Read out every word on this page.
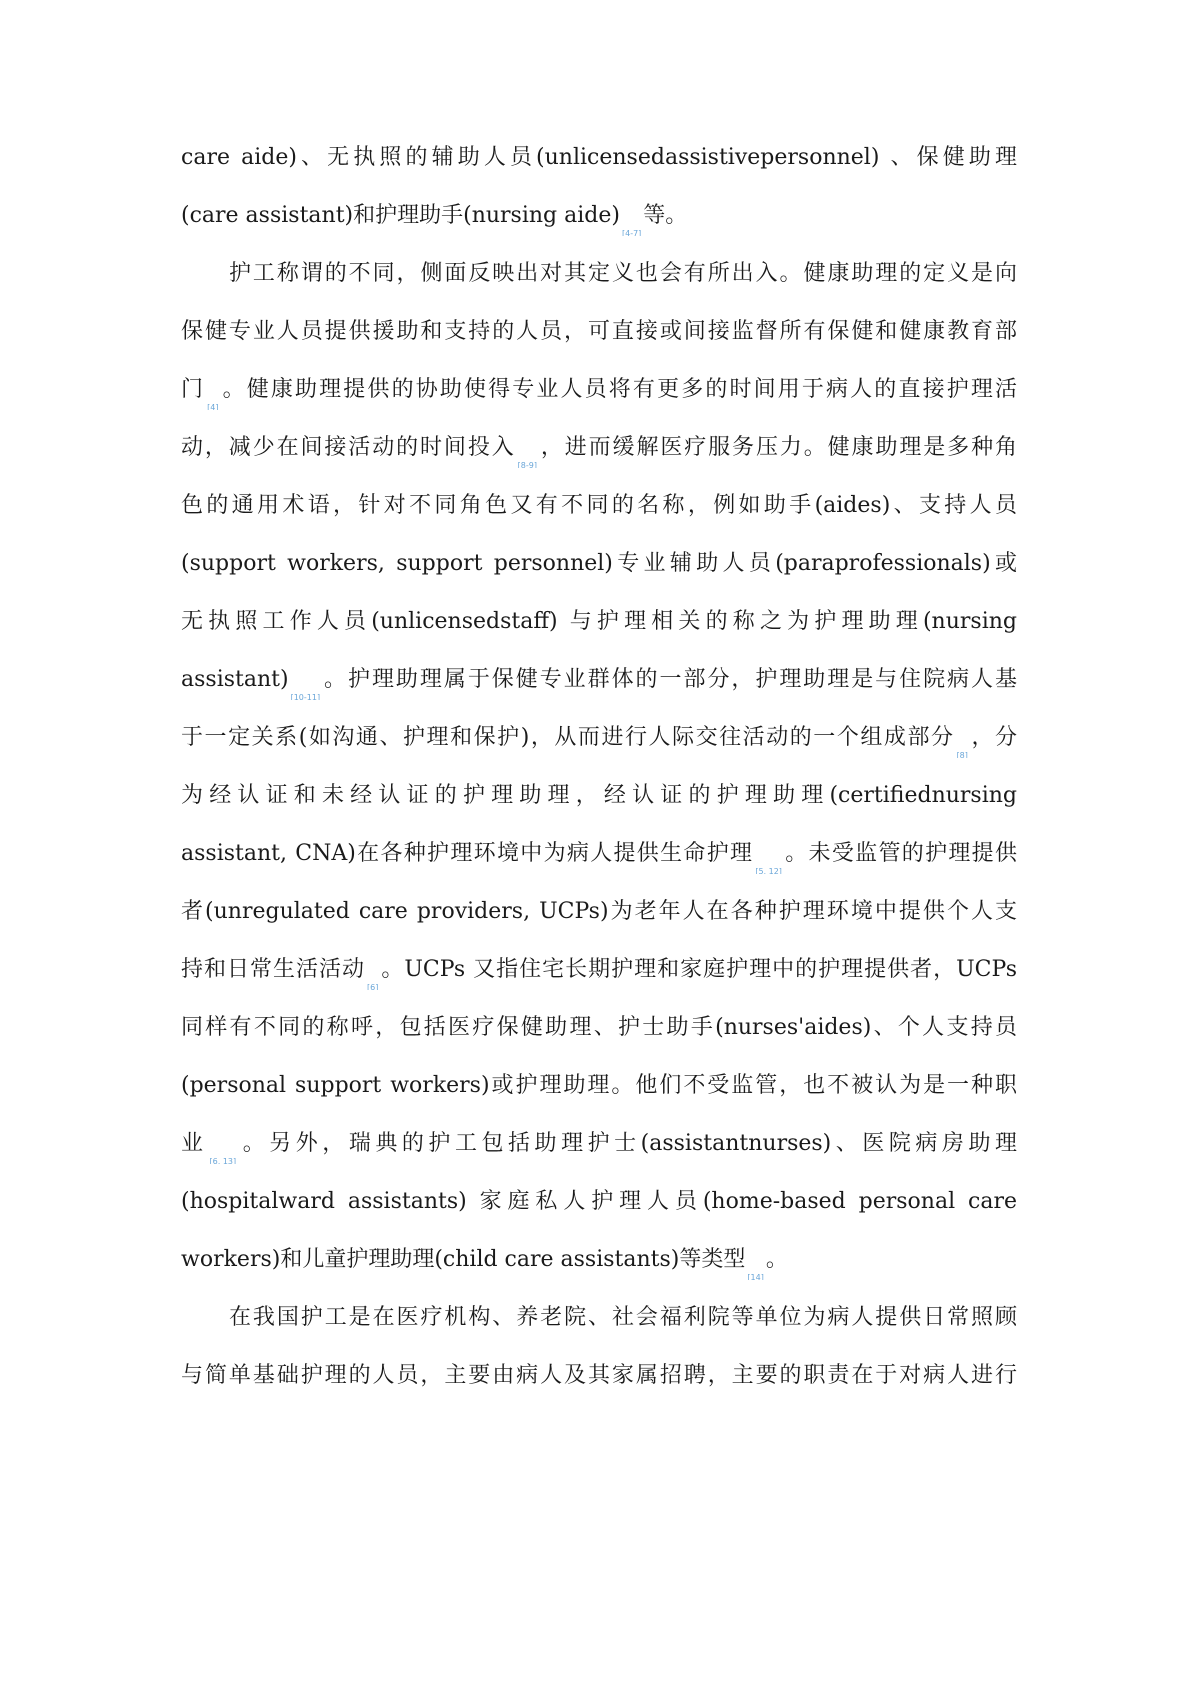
care aide)、无执照的辅助人员(unlicensedassistivepersonnel) 、保健助理
(care assistant)和护理助手(nursing aide)[4-7]等。
护工称谓的不同，侧面反映出对其定义也会有所出入。健康助理的定义是向
保健专业人员提供援助和支持的人员，可直接或间接监督所有保健和健康教育部
门[4]。健康助理提供的协助使得专业人员将有更多的时间用于病人的直接护理活
动，减少在间接活动的时间投入[8-9]，进而缓解医疗服务压力。健康助理是多种角
色的通用术语，针对不同角色又有不同的名称，例如助手(aides)、支持人员
(support workers, support personnel)专业辅助人员(paraprofessionals)或
无执照工作人员(unlicensedstaff) 与护理相关的称之为护理助理(nursing
assistant)[10-11]。护理助理属于保健专业群体的一部分，护理助理是与住院病人基
于一定关系(如沟通、护理和保护)，从而进行人际交往活动的一个组成部分[8]，分
为经认证和未经认证的护理助理，经认证的护理助理(certifiednursing
assistant, CNA)在各种护理环境中为病人提供生命护理[5, 12]。未受监管的护理提供
者(unregulated care providers, UCPs)为老年人在各种护理环境中提供个人支
持和日常生活活动[6]。UCPs 又指住宅长期护理和家庭护理中的护理提供者，UCPs
同样有不同的称呼，包括医疗保健助理、护士助手(nurses'aides)、个人支持员
(personal support workers)或护理助理。他们不受监管，也不被认为是一种职
业[6, 13]。另外，瑞典的护工包括助理护士(assistantnurses)、医院病房助理
(hospitalward assistants) 家庭私人护理人员(home-based personal care
workers)和儿童护理助理(child care assistants)等类型[14]。
在我国护工是在医疗机构、养老院、社会福利院等单位为病人提供日常照顾
与简单基础护理的人员，主要由病人及其家属招聘，主要的职责在于对病人进行
